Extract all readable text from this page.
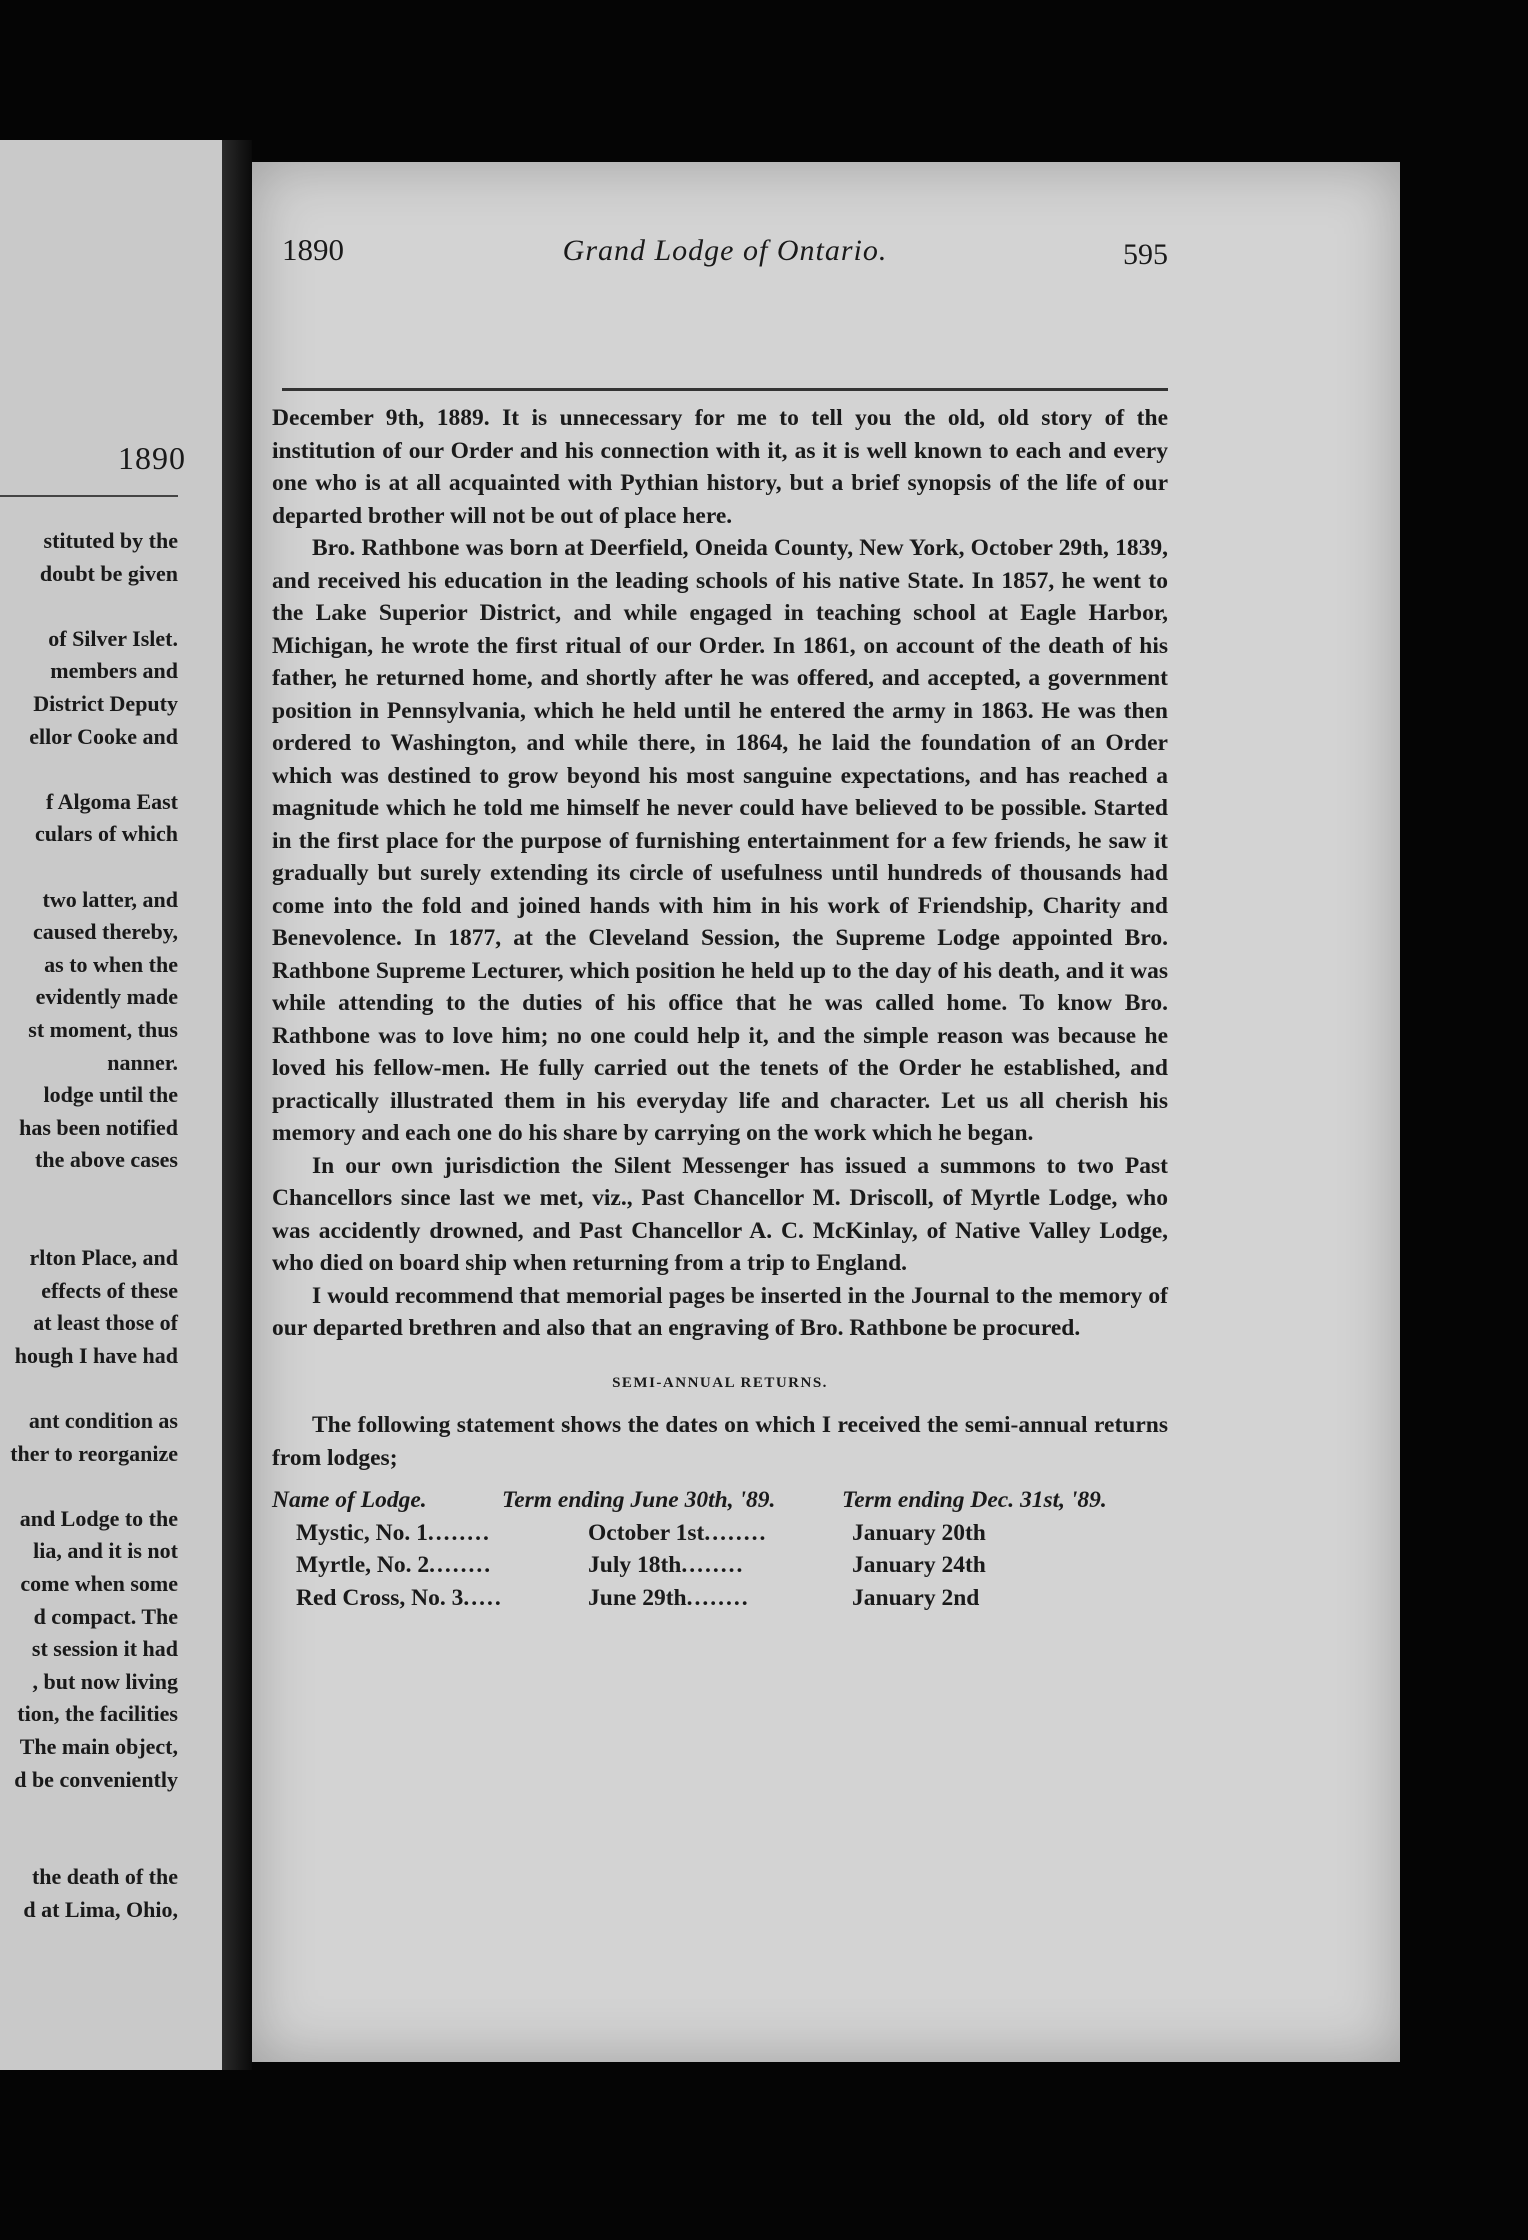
1890
stituted by the
doubt be given
of Silver Islet.
members and
District Deputy
ellor Cooke and
f Algoma East
culars of which
two latter, and
caused thereby,
as to when the
evidently made
st moment, thus
nanner.
lodge until the
has been notified
the above cases
rlton Place, and
effects of these
at least those of
hough I have had
ant condition as
ther to reorganize
and Lodge to the
lia, and it is not
come when some
d compact. The
st session it had
, but now living
tion, the facilities
The main object,
d be conveniently
the death of the
d at Lima, Ohio,
1890	Grand Lodge of Ontario.	595

December 9th, 1889. It is unnecessary for me to tell you the old, old story of the institution of our Order and his connection with it, as it is well known to each and every one who is at all acquainted with Pythian history, but a brief synopsis of the life of our departed brother will not be out of place here.

Bro. Rathbone was born at Deerfield, Oneida County, New York, October 29th, 1839, and received his education in the leading schools of his native State. In 1857, he went to the Lake Superior District, and while engaged in teaching school at Eagle Harbor, Michigan, he wrote the first ritual of our Order. In 1861, on account of the death of his father, he returned home, and shortly after he was offered, and accepted, a government position in Pennsylvania, which he held until he entered the army in 1863. He was then ordered to Washington, and while there, in 1864, he laid the foundation of an Order which was destined to grow beyond his most sanguine expectations, and has reached a magnitude which he told me himself he never could have believed to be possible. Started in the first place for the purpose of furnishing entertainment for a few friends, he saw it gradually but surely extending its circle of usefulness until hundreds of thousands had come into the fold and joined hands with him in his work of Friendship, Charity and Benevolence. In 1877, at the Cleveland Session, the Supreme Lodge appointed Bro. Rathbone Supreme Lecturer, which position he held up to the day of his death, and it was while attending to the duties of his office that he was called home. To know Bro. Rathbone was to love him; no one could help it, and the simple reason was because he loved his fellow-men. He fully carried out the tenets of the Order he established, and practically illustrated them in his everyday life and character. Let us all cherish his memory and each one do his share by carrying on the work which he began.

In our own jurisdiction the Silent Messenger has issued a summons to two Past Chancellors since last we met, viz., Past Chancellor M. Driscoll, of Myrtle Lodge, who was accidently drowned, and Past Chancellor A. C. McKinlay, of Native Valley Lodge, who died on board ship when returning from a trip to England.

I would recommend that memorial pages be inserted in the Journal to the memory of our departed brethren and also that an engraving of Bro. Rathbone be procured.

SEMI-ANNUAL RETURNS.

The following statement shows the dates on which I received the semi-annual returns from lodges;

Name of Lodge.	Term ending June 30th, '89.	Term ending Dec. 31st, '89.
Mystic, No. 1........	October 1st........	January 20th
Myrtle, No. 2........	July 18th........	January 24th
Red Cross, No. 3.....	June 29th........	January 2nd
